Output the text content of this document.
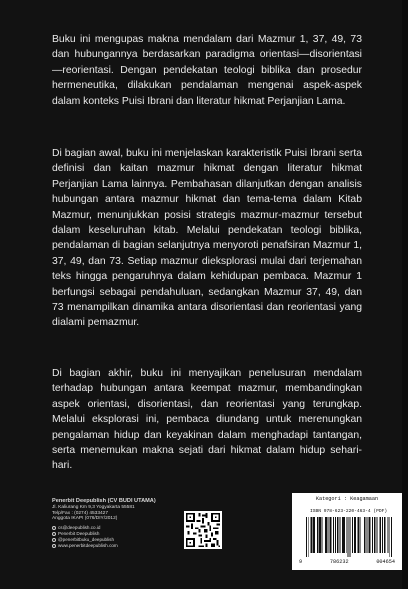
Buku ini mengupas makna mendalam dari Mazmur 1, 37, 49, 73 dan hubungannya berdasarkan paradigma orientasi—disorientasi—reorientasi. Dengan pendekatan teologi biblika dan prosedur hermeneutika, dilakukan pendalaman mengenai aspek-aspek dalam konteks Puisi Ibrani dan literatur hikmat Perjanjian Lama.

Di bagian awal, buku ini menjelaskan karakteristik Puisi Ibrani serta definisi dan kaitan mazmur hikmat dengan literatur hikmat Perjanjian Lama lainnya. Pembahasan dilanjutkan dengan analisis hubungan antara mazmur hikmat dan tema-tema dalam Kitab Mazmur, menunjukkan posisi strategis mazmur-mazmur tersebut dalam keseluruhan kitab. Melalui pendekatan teologi biblika, pendalaman di bagian selanjutnya menyoroti penafsiran Mazmur 1, 37, 49, dan 73. Setiap mazmur dieksplorasi mulai dari terjemahan teks hingga pengaruhnya dalam kehidupan pembaca. Mazmur 1 berfungsi sebagai pendahuluan, sedangkan Mazmur 37, 49, dan 73 menampilkan dinamika antara disorientasi dan reorientasi yang dialami pemazmur.

Di bagian akhir, buku ini menyajikan penelusuran mendalam terhadap hubungan antara keempat mazmur, membandingkan aspek orientasi, disorientasi, dan reorientasi yang terungkap. Melalui eksplorasi ini, pembaca diundang untuk merenungkan pengalaman hidup dan keyakinan dalam menghadapi tantangan, serta menemukan makna sejati dari hikmat dalam hidup sehari-hari.

Penerbit Deepublish (CV BUDI UTAMA)
Jl. Kaliurang Km 9,3 Yogyakarta 55581
Telp/Fax : (0274) 4533427
Anggota IKAPI (076/DIY/2012)
cs@deepublish.co.id
Penerbit Deepublish
@penerbitbuku_deepublish
www.penerbitdeepublish.com
Kategori : Keagamaan
ISBN 978-623-220-463-4 (PDF)
9	786232	004654
